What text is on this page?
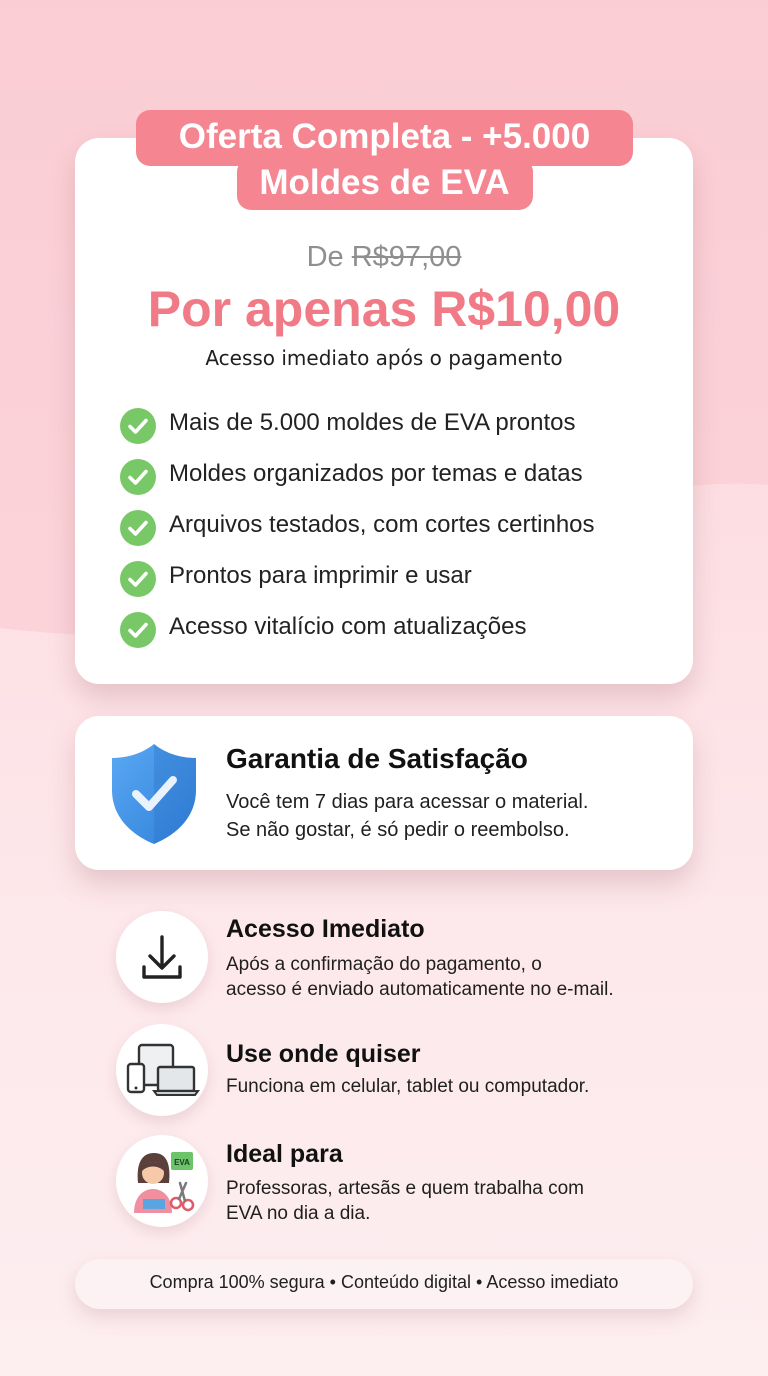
Oferta Completa - +5.000
Moldes de EVA
De R$97,00
Por apenas R$10,00
Acesso imediato após o pagamento
Mais de 5.000 moldes de EVA prontos
Moldes organizados por temas e datas
Arquivos testados, com cortes certinhos
Prontos para imprimir e usar
Acesso vitalício com atualizações
Garantia de Satisfação
Você tem 7 dias para acessar o material.
Se não gostar, é só pedir o reembolso.
Acesso Imediato
Após a confirmação do pagamento, o
acesso é enviado automaticamente no e-mail.
Use onde quiser
Funciona em celular, tablet ou computador.
EVA Ideal para
Professoras, artesãs e quem trabalha com
EVA no dia a dia.
Compra 100% segura • Conteúdo digital • Acesso imediato
